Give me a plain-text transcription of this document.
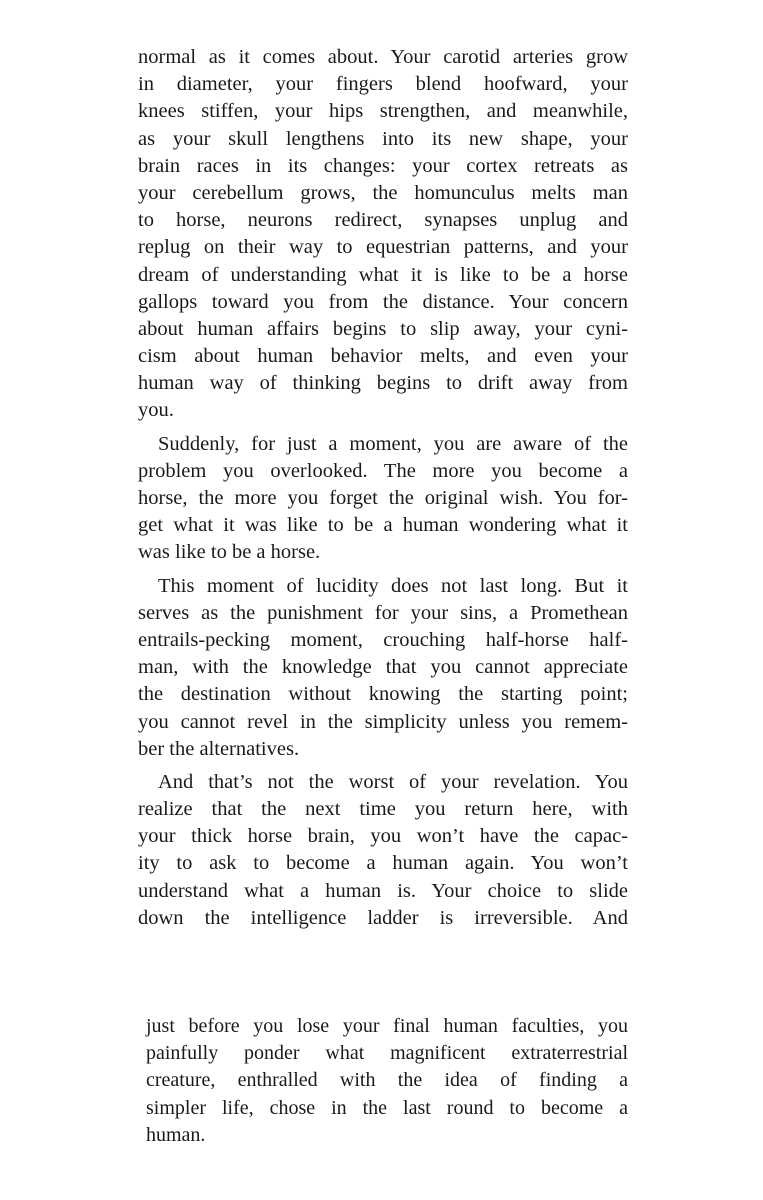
normal as it comes about. Your carotid arteries grow
in diameter, your fingers blend hoofward, your
knees stiffen, your hips strengthen, and meanwhile,
as your skull lengthens into its new shape, your
brain races in its changes: your cortex retreats as
your cerebellum grows, the homunculus melts man
to horse, neurons redirect, synapses unplug and
replug on their way to equestrian patterns, and your
dream of understanding what it is like to be a horse
gallops toward you from the distance. Your concern
about human affairs begins to slip away, your cyni-
cism about human behavior melts, and even your
human way of thinking begins to drift away from
you.
Suddenly, for just a moment, you are aware of the
problem you overlooked. The more you become a
horse, the more you forget the original wish. You for-
get what it was like to be a human wondering what it
was like to be a horse.
This moment of lucidity does not last long. But it
serves as the punishment for your sins, a Promethean
entrails-pecking moment, crouching half-horse half-
man, with the knowledge that you cannot appreciate
the destination without knowing the starting point;
you cannot revel in the simplicity unless you remem-
ber the alternatives.
And that’s not the worst of your revelation. You
realize that the next time you return here, with
your thick horse brain, you won’t have the capac-
ity to ask to become a human again. You won’t
understand what a human is. Your choice to slide
down the intelligence ladder is irreversible. And
just before you lose your final human faculties, you
painfully ponder what magnificent extraterrestrial
creature, enthralled with the idea of finding a
simpler life, chose in the last round to become a
human.
